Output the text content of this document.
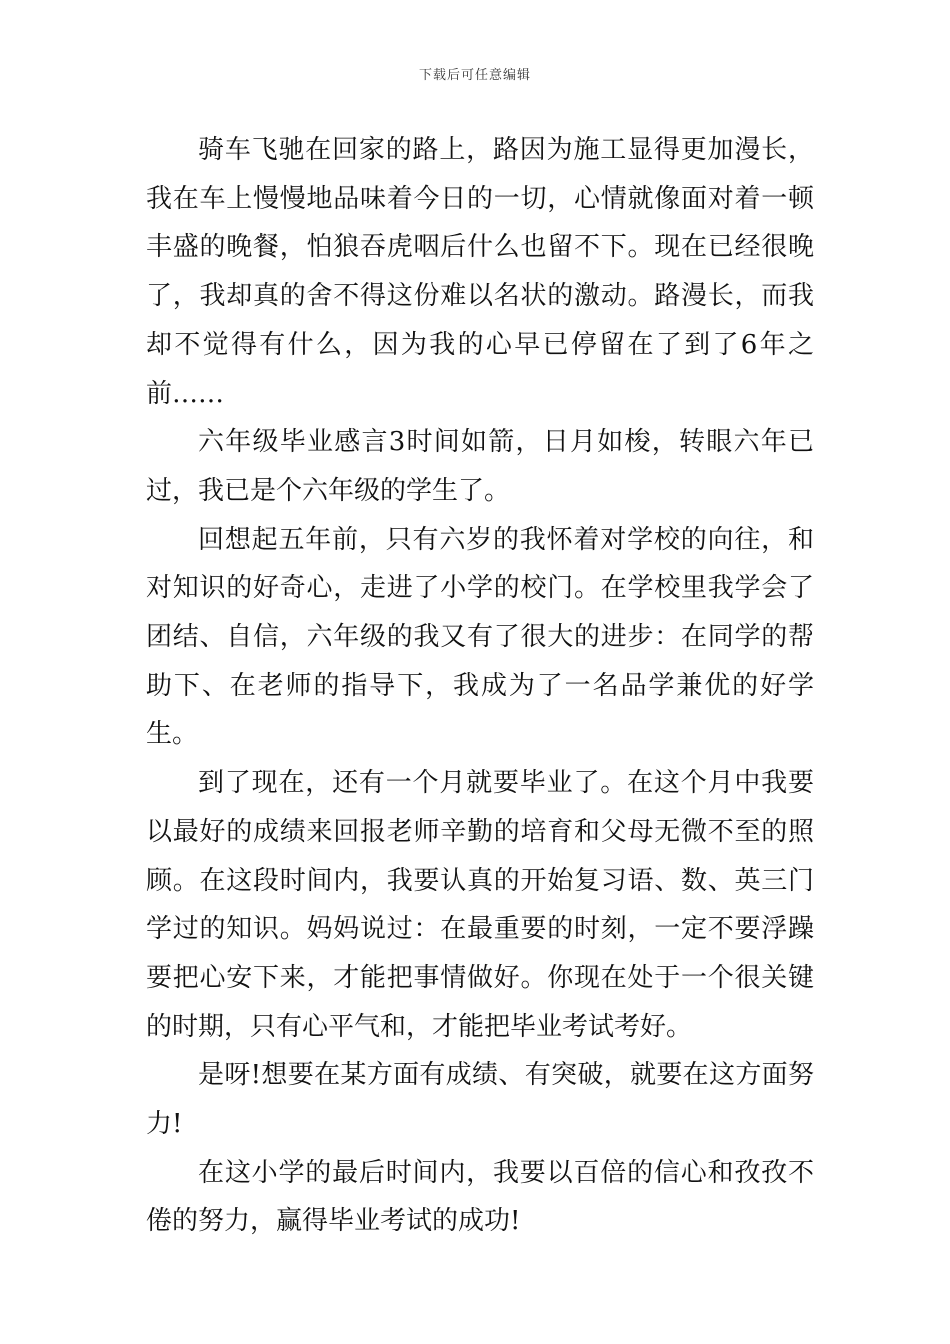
下载后可任意编辑

骑车飞驰在回家的路上，路因为施工显得更加漫长，我在车上慢慢地品味着今日的一切，心情就像面对着一顿丰盛的晚餐，怕狼吞虎咽后什么也留不下。现在已经很晚了，我却真的舍不得这份难以名状的激动。路漫长，而我却不觉得有什么，因为我的心早已停留在了到了6年之前……

六年级毕业感言3时间如箭，日月如梭，转眼六年已过，我已是个六年级的学生了。

回想起五年前，只有六岁的我怀着对学校的向往，和对知识的好奇心，走进了小学的校门。在学校里我学会了团结、自信，六年级的我又有了很大的进步：在同学的帮助下、在老师的指导下，我成为了一名品学兼优的好学生。

到了现在，还有一个月就要毕业了。在这个月中我要以最好的成绩来回报老师辛勤的培育和父母无微不至的照顾。在这段时间内，我要认真的开始复习语、数、英三门学过的知识。妈妈说过：在最重要的时刻，一定不要浮躁要把心安下来，才能把事情做好。你现在处于一个很关键的时期，只有心平气和，才能把毕业考试考好。

是呀!想要在某方面有成绩、有突破，就要在这方面努力!

在这小学的最后时间内，我要以百倍的信心和孜孜不倦的努力，赢得毕业考试的成功!
